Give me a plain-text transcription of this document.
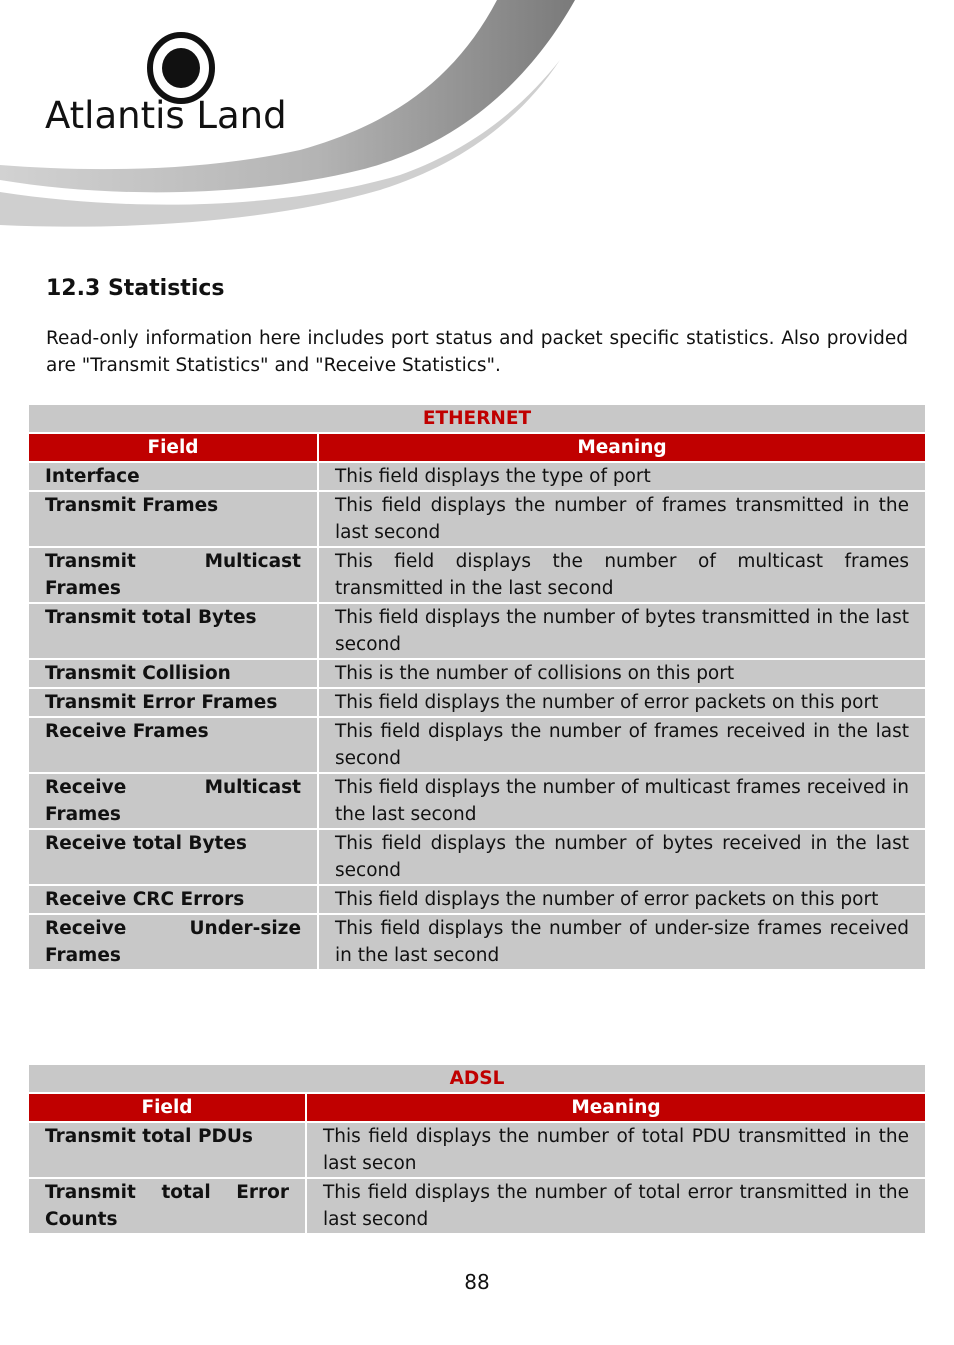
Atlantis Land
12.3 Statistics

Read-only information here includes port status and packet specific statistics. Also provided are "Transmit Statistics" and "Receive Statistics".

ETHERNET	
Field	Meaning
Interface	This field displays the type of port
Transmit Frames	This field displays the number of frames transmitted in the last second
Transmit Multicast Frames	This field displays the number of multicast frames transmitted in the last second
Transmit total Bytes	This field displays the number of bytes transmitted in the last second
Transmit Collision	This is the number of collisions on this port
Transmit Error Frames	This field displays the number of error packets on this port
Receive Frames	This field displays the number of frames received in the last second
Receive Multicast Frames	This field displays the number of multicast frames received in the last second
Receive total Bytes	This field displays the number of bytes received in the last second
Receive CRC Errors	This field displays the number of error packets on this port
Receive Under-size Frames	This field displays the number of under-size frames received in the last second
ADSL	
Field	Meaning
Transmit total PDUs	This field displays the number of total PDU transmitted in the last secon
Transmit total Error Counts	This field displays the number of total error transmitted in the last second
88
